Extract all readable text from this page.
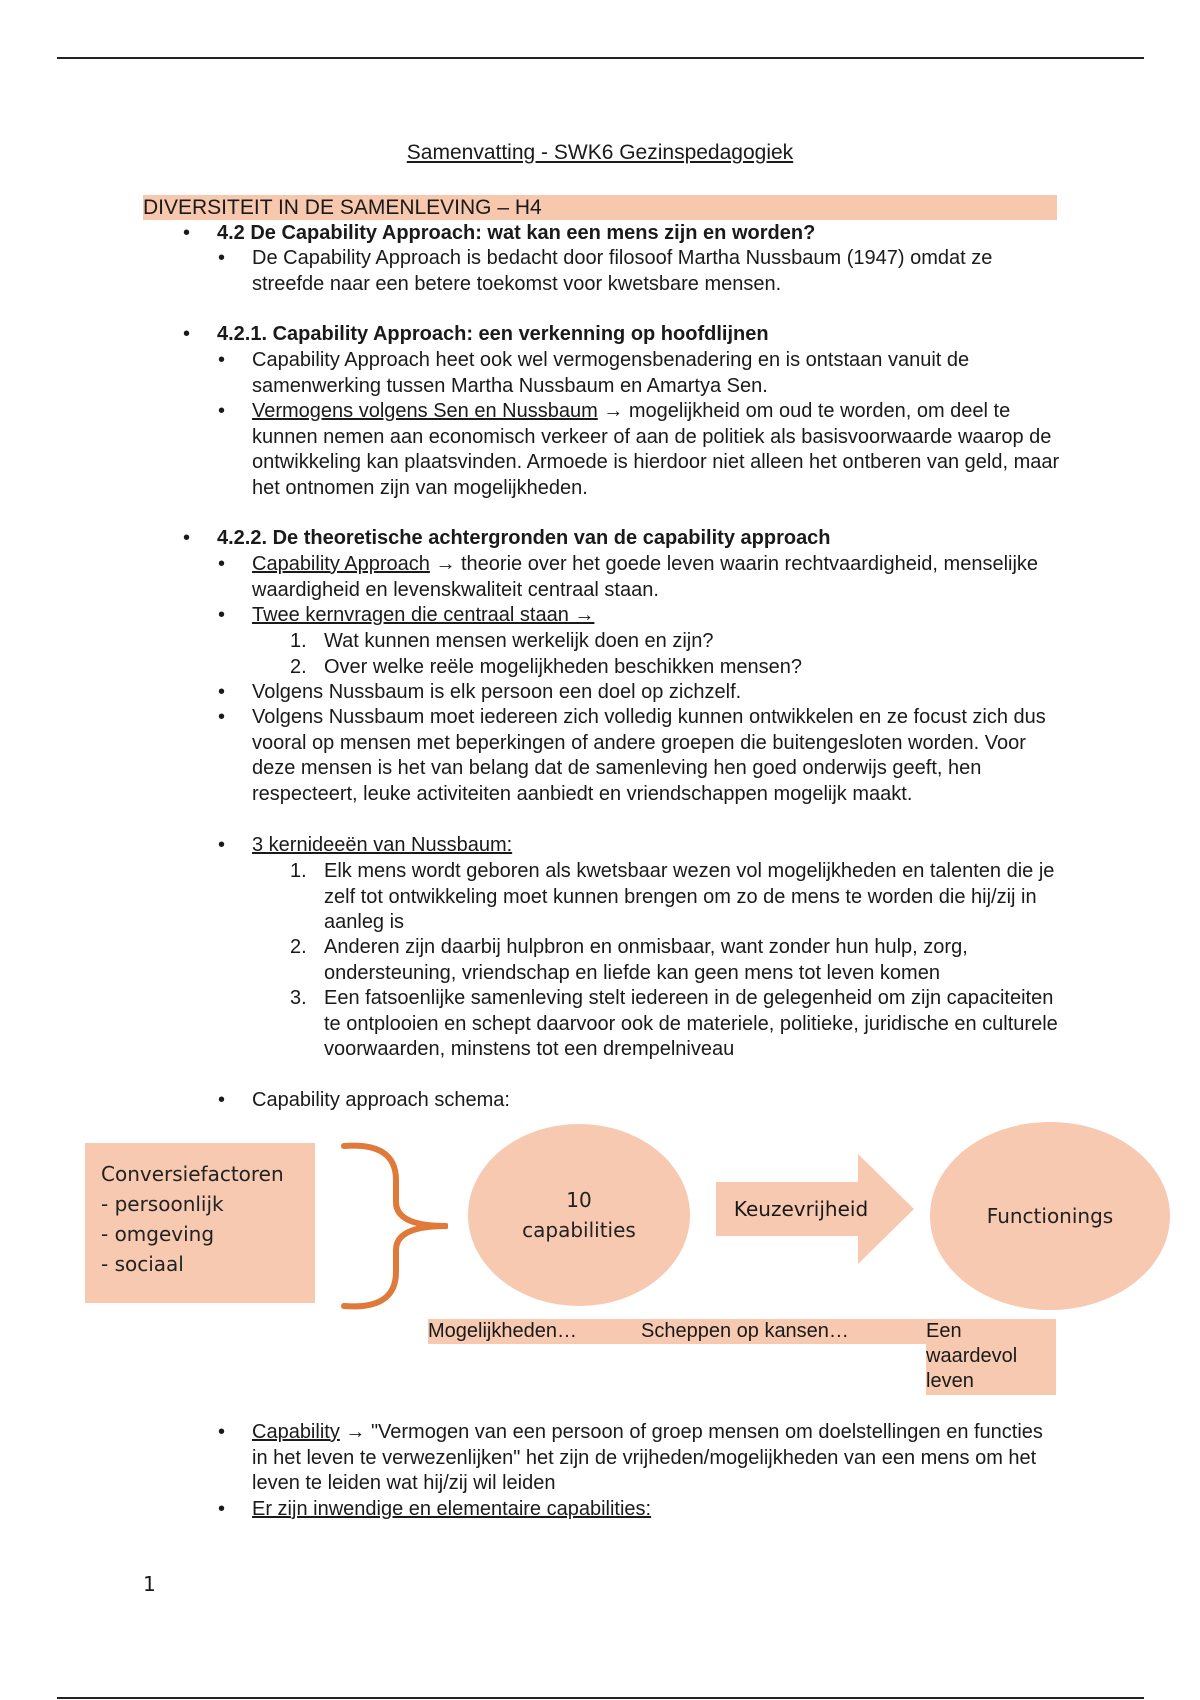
Samenvatting - SWK6 Gezinspedagogiek
DIVERSITEIT IN DE SAMENLEVING – H4
• 4.2 De Capability Approach: wat kan een mens zijn en worden?
• De Capability Approach is bedacht door filosoof Martha Nussbaum (1947) omdat ze streefde naar een betere toekomst voor kwetsbare mensen.
• 4.2.1. Capability Approach: een verkenning op hoofdlijnen
• Capability Approach heet ook wel vermogensbenadering en is ontstaan vanuit de samenwerking tussen Martha Nussbaum en Amartya Sen.
• Vermogens volgens Sen en Nussbaum → mogelijkheid om oud te worden, om deel te kunnen nemen aan economisch verkeer of aan de politiek als basisvoorwaarde waarop de ontwikkeling kan plaatsvinden. Armoede is hierdoor niet alleen het ontberen van geld, maar het ontnomen zijn van mogelijkheden.
• 4.2.2. De theoretische achtergronden van de capability approach
• Capability Approach → theorie over het goede leven waarin rechtvaardigheid, menselijke waardigheid en levenskwaliteit centraal staan.
• Twee kernvragen die centraal staan →
1. Wat kunnen mensen werkelijk doen en zijn?
2. Over welke reële mogelijkheden beschikken mensen?
• Volgens Nussbaum is elk persoon een doel op zichzelf.
• Volgens Nussbaum moet iedereen zich volledig kunnen ontwikkelen en ze focust zich dus vooral op mensen met beperkingen of andere groepen die buitengesloten worden. Voor deze mensen is het van belang dat de samenleving hen goed onderwijs geeft, hen respecteert, leuke activiteiten aanbiedt en vriendschappen mogelijk maakt.
• 3 kernideeën van Nussbaum:
1. Elk mens wordt geboren als kwetsbaar wezen vol mogelijkheden en talenten die je zelf tot ontwikkeling moet kunnen brengen om zo de mens te worden die hij/zij in aanleg is
2. Anderen zijn daarbij hulpbron en onmisbaar, want zonder hun hulp, zorg, ondersteuning, vriendschap en liefde kan geen mens tot leven komen
3. Een fatsoenlijke samenleving stelt iedereen in de gelegenheid om zijn capaciteiten te ontplooien en schept daarvoor ook de materiele, politieke, juridische en culturele voorwaarden, minstens tot een drempelniveau
• Capability approach schema:
Conversiefactoren
- persoonlijk
- omgeving
- sociaal
10
capabilities
Keuzevrijheid	Functionings
Mogelijkheden…	Scheppen op kansen…	Een waardevol leven
• Capability → "Vermogen van een persoon of groep mensen om doelstellingen en functies in het leven te verwezenlijken" het zijn de vrijheden/mogelijkheden van een mens om het leven te leiden wat hij/zij wil leiden
• Er zijn inwendige en elementaire capabilities:
1
